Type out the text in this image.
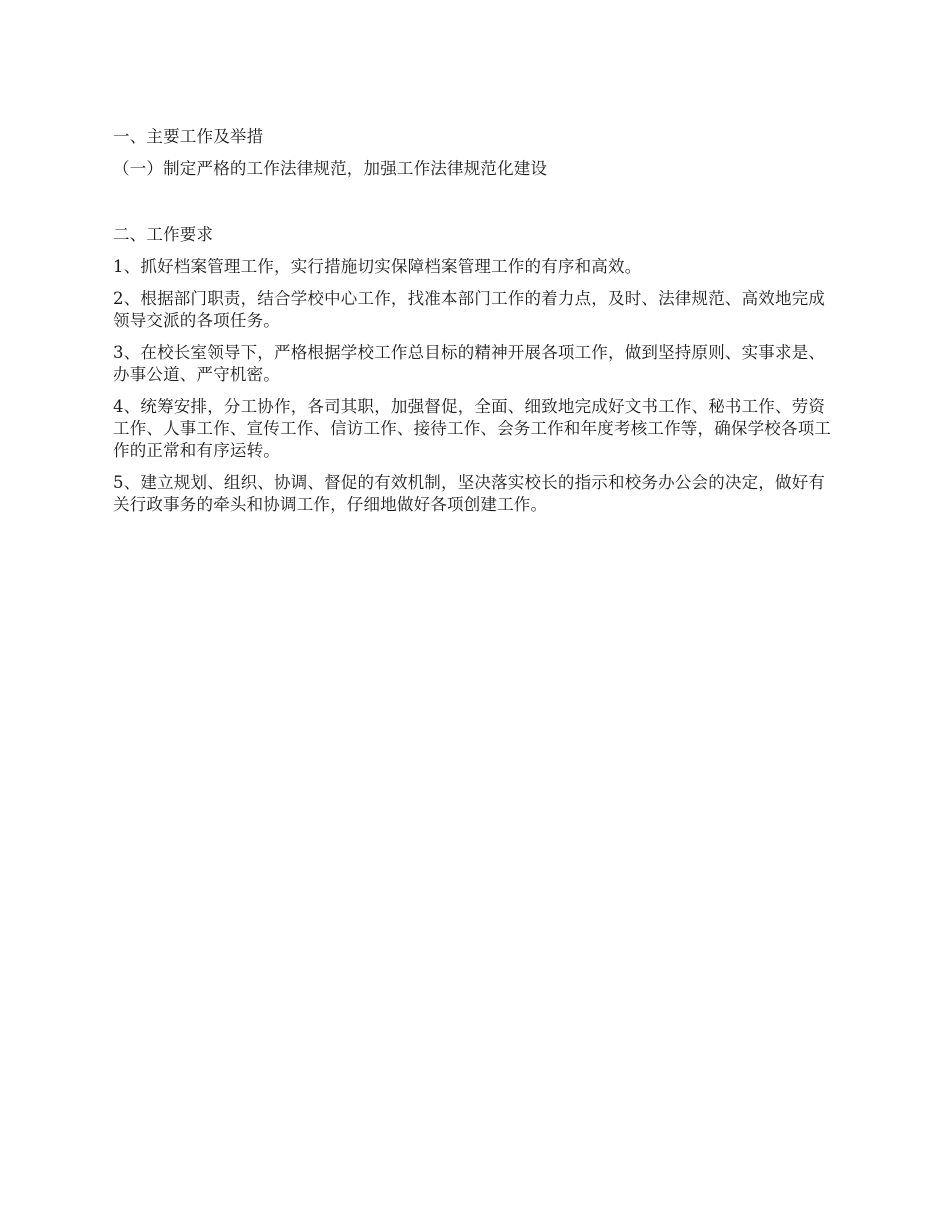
一、主要工作及举措

（一）制定严格的工作法律规范，加强工作法律规范化建设

二、工作要求

1、抓好档案管理工作，实行措施切实保障档案管理工作的有序和高效。

2、根据部门职责，结合学校中心工作，找准本部门工作的着力点，及时、法律规范、高效地完成领导交派的各项任务。

3、在校长室领导下，严格根据学校工作总目标的精神开展各项工作，做到坚持原则、实事求是、办事公道、严守机密。

4、统筹安排，分工协作，各司其职，加强督促，全面、细致地完成好文书工作、秘书工作、劳资工作、人事工作、宣传工作、信访工作、接待工作、会务工作和年度考核工作等，确保学校各项工作的正常和有序运转。

5、建立规划、组织、协调、督促的有效机制，坚决落实校长的指示和校务办公会的决定，做好有关行政事务的牵头和协调工作，仔细地做好各项创建工作。
